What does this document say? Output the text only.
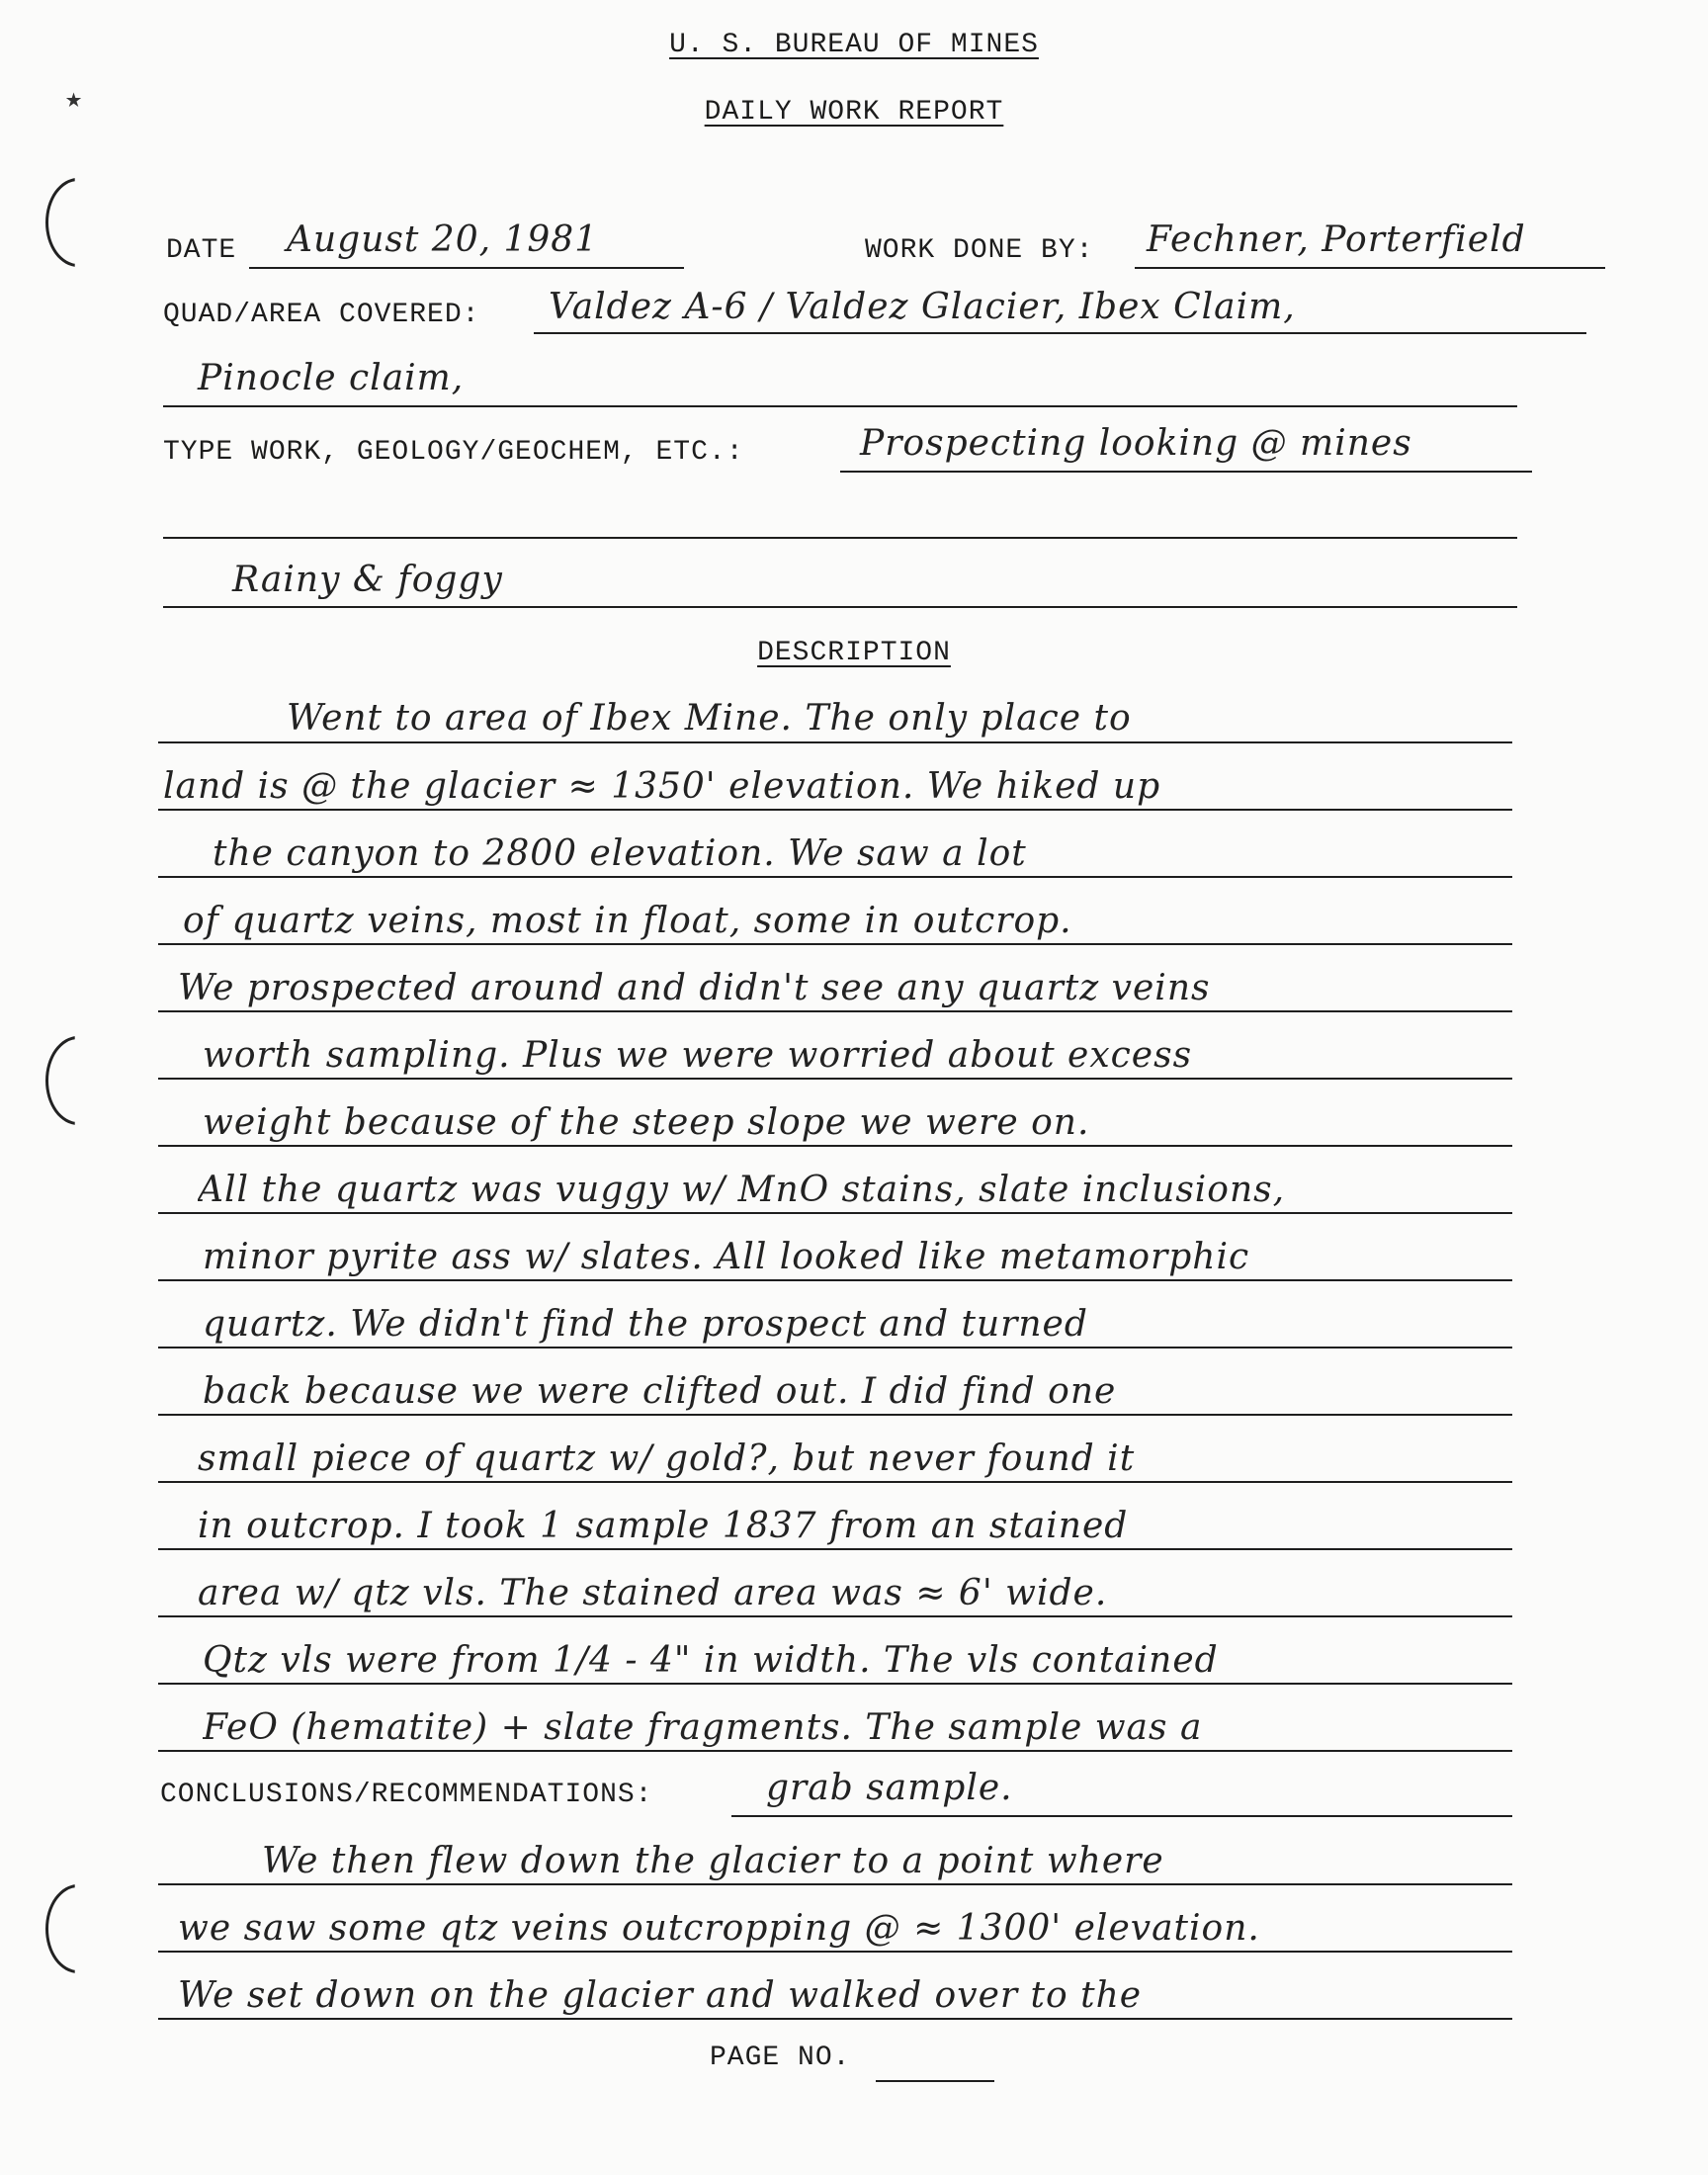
⋆
U. S. BUREAU OF MINES
DAILY WORK REPORT
DATE August 20, 1981	WORK DONE BY: Fechner, Porterfield
QUAD/AREA COVERED: Valdez A-6 / Valdez Glacier, Ibex Claim,
Pinocle claim,
TYPE WORK, GEOLOGY/GEOCHEM, ETC.:	Prospecting looking @ mines
Rainy & foggy
DESCRIPTION
Went to area of Ibex Mine. The only place to
land is @ the glacier ≈ 1350' elevation. We hiked up
the canyon to 2800 elevation. We saw a lot
of quartz veins, most in float, some in outcrop.
We prospected around and didn't see any quartz veins
worth sampling. Plus we were worried about excess
weight because of the steep slope we were on.
All the quartz was vuggy w/ MnO stains, slate inclusions,
minor pyrite ass w/ slates. All looked like metamorphic
quartz. We didn't find the prospect and turned
back because we were clifted out. I did find one
small piece of quartz w/ gold?, but never found it
in outcrop. I took 1 sample 1837 from an stained
area w/ qtz vls. The stained area was ≈ 6' wide.
Qtz vls were from 1/4 - 4" in width. The vls contained
FeO (hematite) + slate fragments. The sample was a
CONCLUSIONS/RECOMMENDATIONS:	grab sample.
We then flew down the glacier to a point where
we saw some qtz veins outcropping @ ≈ 1300' elevation.
We set down on the glacier and walked over to the
PAGE NO.
